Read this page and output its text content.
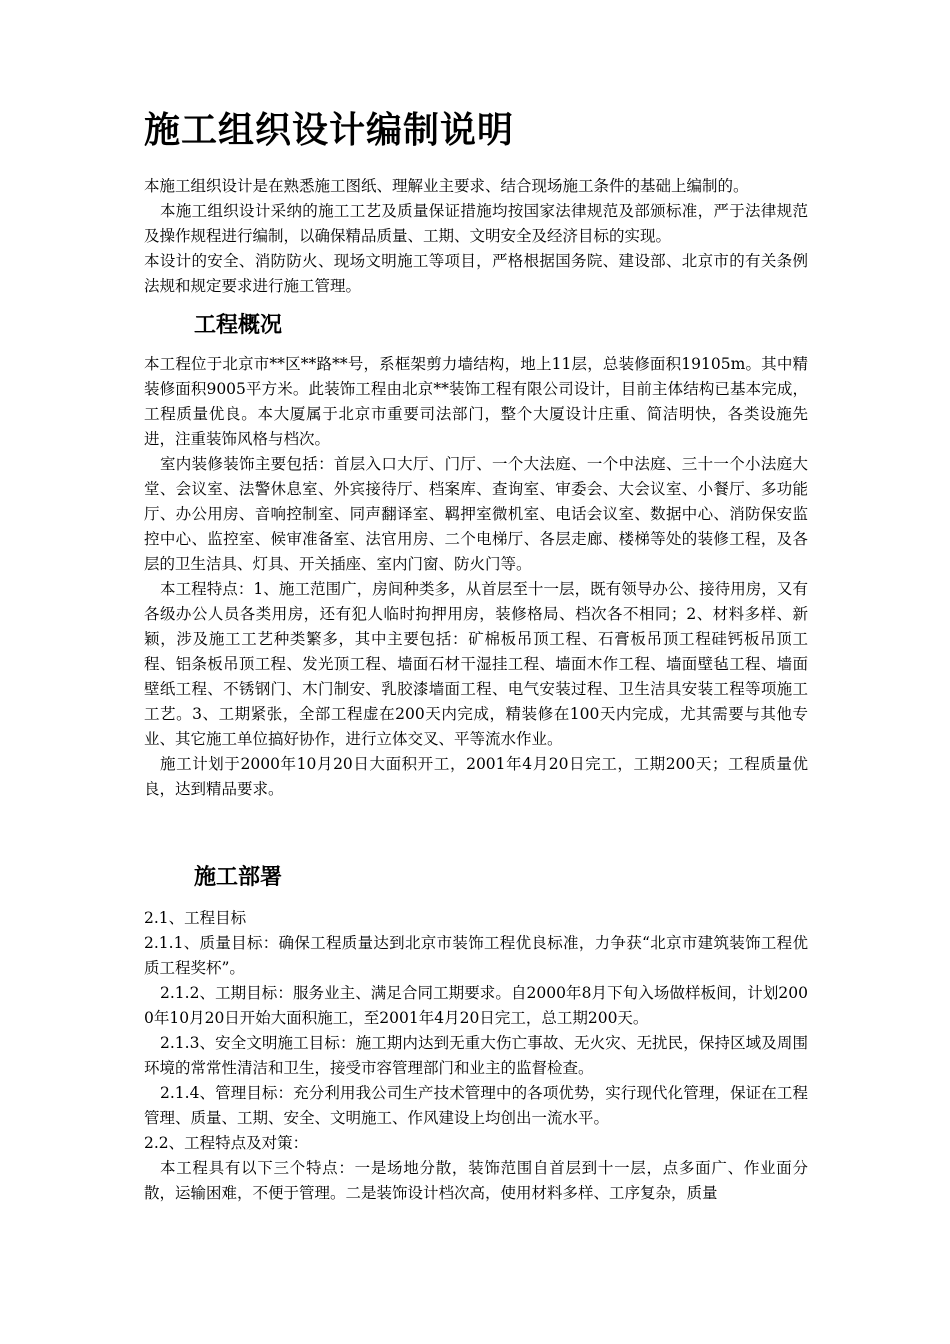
施工组织设计编制说明

本施工组织设计是在熟悉施工图纸、理解业主要求、结合现场施工条件的基础上编制的。

本施工组织设计采纳的施工工艺及质量保证措施均按国家法律规范及部颁标准，严于法律规范及操作规程进行编制，以确保精品质量、工期、文明安全及经济目标的实现。

本设计的安全、消防防火、现场文明施工等项目，严格根据国务院、建设部、北京市的有关条例法规和规定要求进行施工管理。

工程概况

本工程位于北京市**区**路**号，系框架剪力墙结构，地上11层，总装修面积19105m。其中精装修面积9005平方米。此装饰工程由北京**装饰工程有限公司设计，目前主体结构已基本完成，工程质量优良。本大厦属于北京市重要司法部门，整个大厦设计庄重、简洁明快，各类设施先进，注重装饰风格与档次。

室内装修装饰主要包括：首层入口大厅、门厅、一个大法庭、一个中法庭、三十一个小法庭大堂、会议室、法警休息室、外宾接待厅、档案库、查询室、审委会、大会议室、小餐厅、多功能厅、办公用房、音响控制室、同声翻译室、羁押室微机室、电话会议室、数据中心、消防保安监控中心、监控室、候审准备室、法官用房、二个电梯厅、各层走廊、楼梯等处的装修工程，及各层的卫生洁具、灯具、开关插座、室内门窗、防火门等。

本工程特点：1、施工范围广，房间种类多，从首层至十一层，既有领导办公、接待用房，又有各级办公人员各类用房，还有犯人临时拘押用房，装修格局、档次各不相同；2、材料多样、新颖，涉及施工工艺种类繁多，其中主要包括：矿棉板吊顶工程、石膏板吊顶工程硅钙板吊顶工程、铝条板吊顶工程、发光顶工程、墙面石材干湿挂工程、墙面木作工程、墙面壁毡工程、墙面壁纸工程、不锈钢门、木门制安、乳胶漆墙面工程、电气安装过程、卫生洁具安装工程等项施工工艺。3、工期紧张，全部工程虚在200天内完成，精装修在100天内完成，尤其需要与其他专业、其它施工单位搞好协作，进行立体交叉、平等流水作业。

施工计划于2000年10月20日大面积开工，2001年4月20日完工，工期200天；工程质量优良，达到精品要求。

施工部署

2.1、工程目标

2.1.1、质量目标：确保工程质量达到北京市装饰工程优良标准，力争获“北京市建筑装饰工程优质工程奖杯”。

2.1.2、工期目标：服务业主、满足合同工期要求。自2000年8月下旬入场做样板间，计划2000年10月20日开始大面积施工，至2001年4月20日完工，总工期200天。

2.1.3、安全文明施工目标：施工期内达到无重大伤亡事故、无火灾、无扰民，保持区域及周围环境的常常性清洁和卫生，接受市容管理部门和业主的监督检查。

2.1.4、管理目标：充分利用我公司生产技术管理中的各项优势，实行现代化管理，保证在工程管理、质量、工期、安全、文明施工、作风建设上均创出一流水平。

2.2、工程特点及对策：

本工程具有以下三个特点：一是场地分散，装饰范围自首层到十一层，点多面广、作业面分散，运输困难，不便于管理。二是装饰设计档次高，使用材料多样、工序复杂，质量
